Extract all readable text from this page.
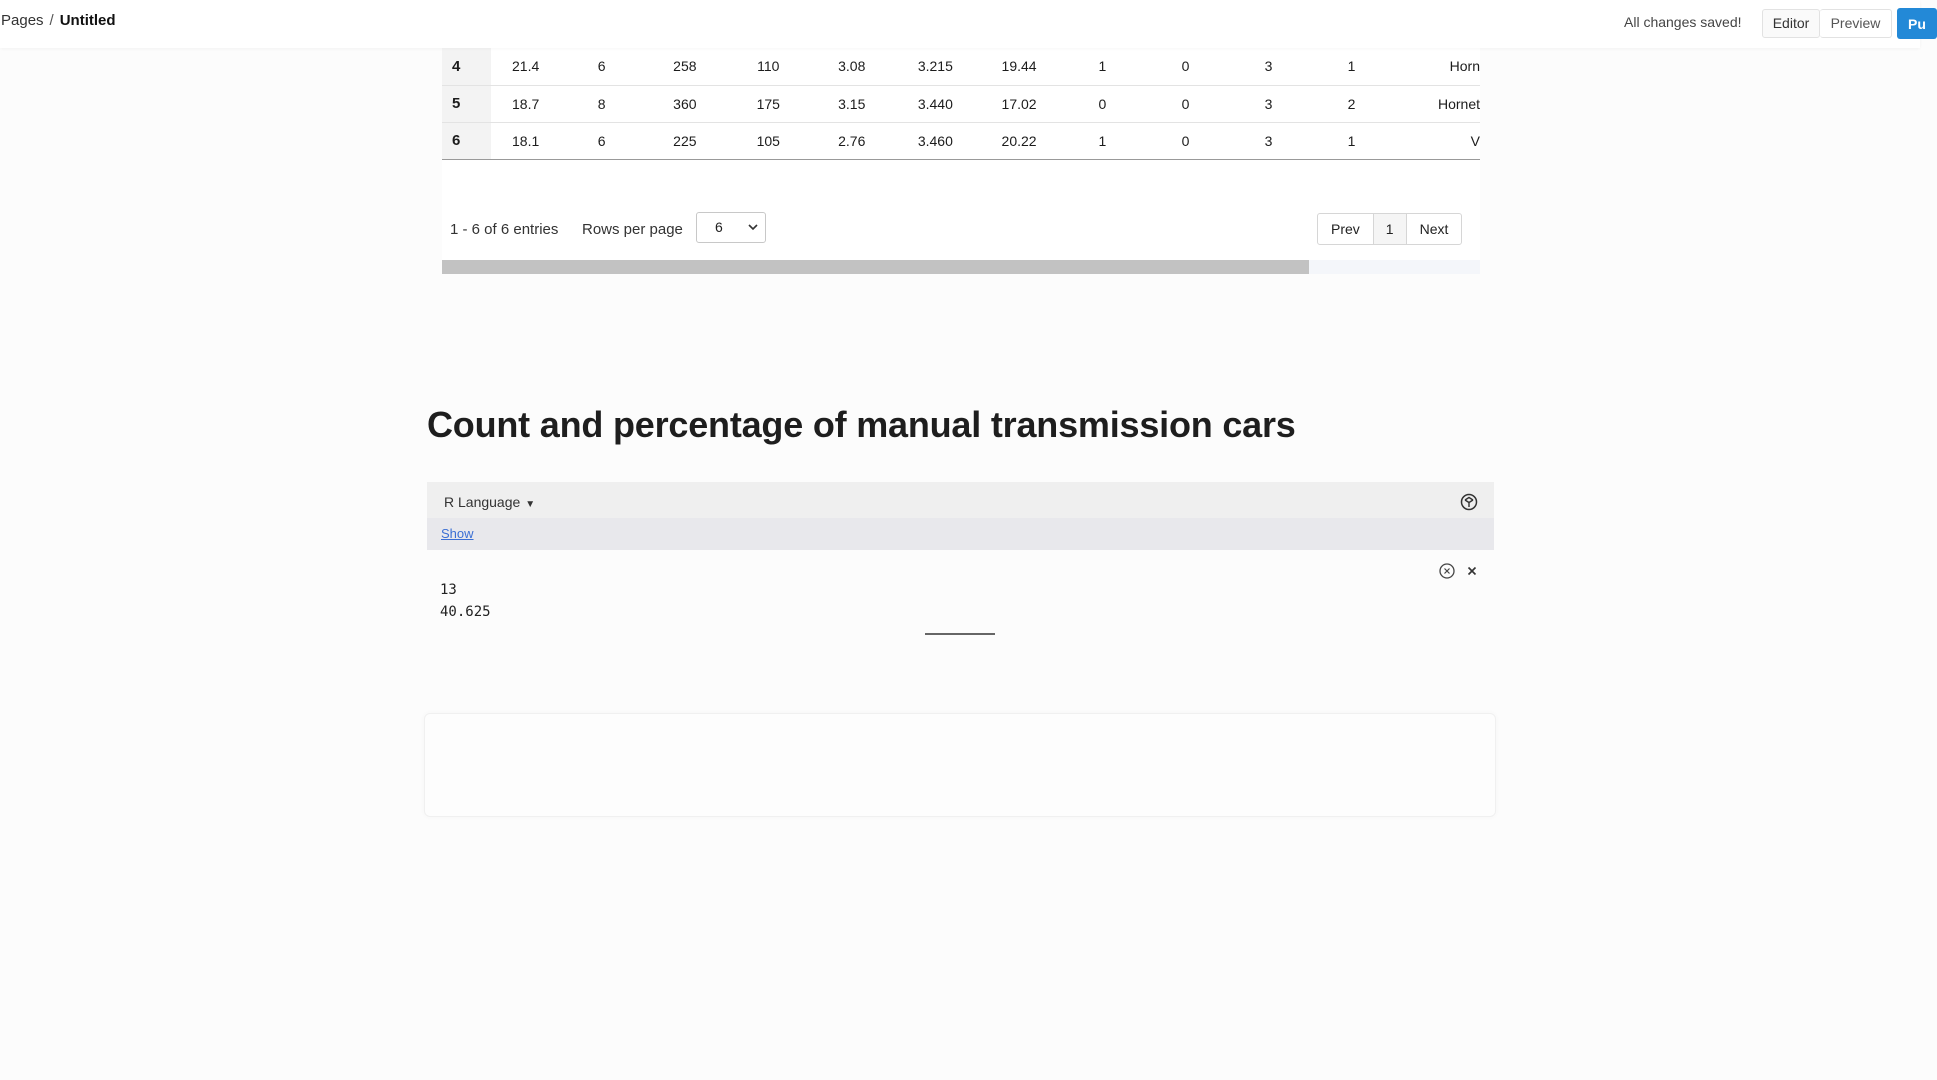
Pages / Untitled	All changes saved!	Editor	Preview	Pu
4	21.4	6	258	110	3.08	3.215	19.44	1	0	3	1	Horn
5	18.7	8	360	175	3.15	3.440	17.02	0	0	3	2	Hornet
6	18.1	6	225	105	2.76	3.460	20.22	1	0	3	1	V
1 - 6 of 6 entries Rows per page	6	Prev	1	Next
Count and percentage of manual transmission cars
R Language ▼
Show
13
40.625
